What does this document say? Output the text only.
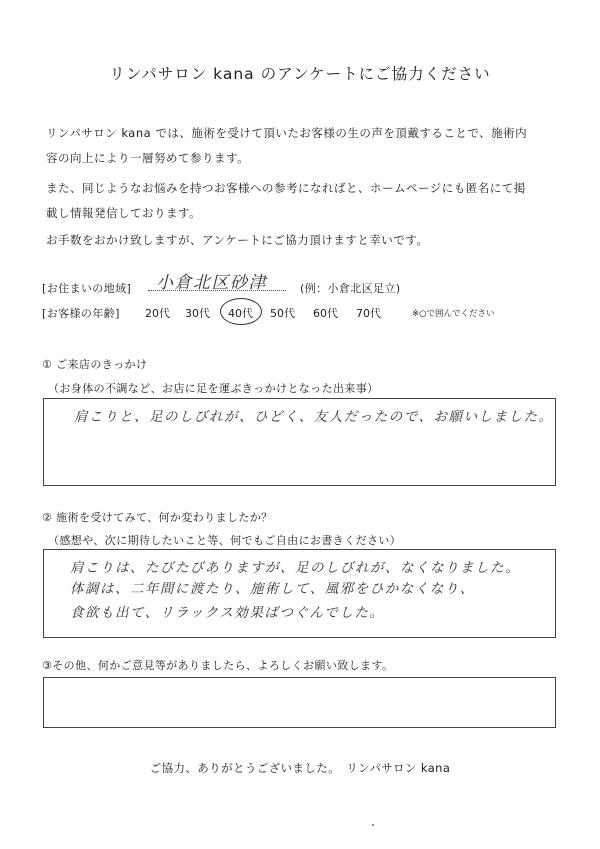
リンパサロン kana のアンケートにご協力ください
リンパサロン kana では、施術を受けて頂いたお客様の生の声を頂戴することで、施術内
容の向上により一層努めて参ります。
また、同じようなお悩みを持つお客様への参考になればと、ホームページにも匿名にて掲
載し情報発信しております。
お手数をおかけ致しますが、アンケートにご協力頂けますと幸いです。
[お住まいの地域] 小倉北区砂津	(例：小倉北区足立)
[お客様の年齢] 20代 30代 40代 50代 60代 70代	※○で囲んでください
① ご来店のきっかけ
（お身体の不調など、お店に足を運ぶきっかけとなった出来事）
肩こりと、足のしびれが、ひどく、友人だったので、お願いしました。
② 施術を受けてみて、何か変わりましたか？
（感想や、次に期待したいこと等、何でもご自由にお書きください）
肩こりは、たびたびありますが、足のしびれが、なくなりました。
体調は、二年間に渡たり、施術して、風邪をひかなくなり、
食欲も出て、リラックス効果ばつぐんでした。
③その他、何かご意見等がありましたら、よろしくお願い致します。
ご協力、ありがとうございました。　リンパサロン kana
